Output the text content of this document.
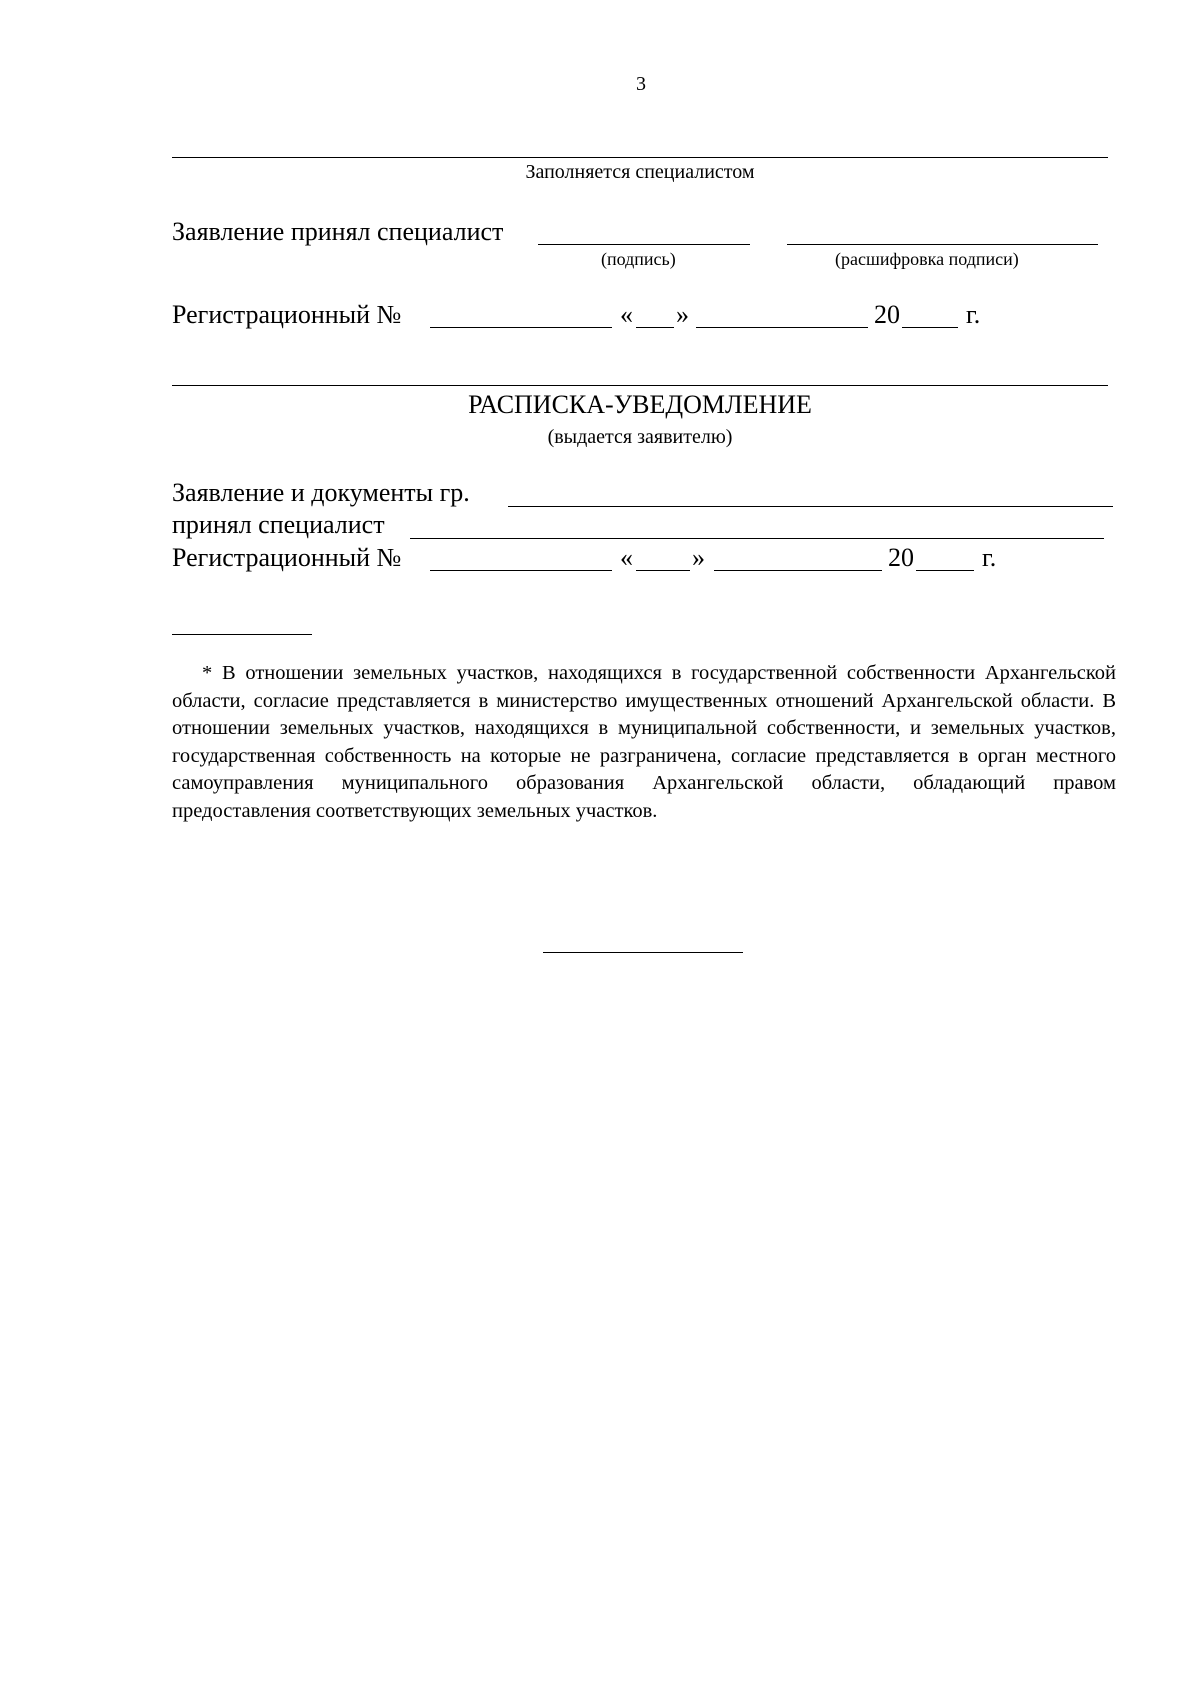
3
Заполняется специалистом
Заявление принял специалист
(подпись)	(расшифровка подписи)
Регистрационный №	« »	20	г.
РАСПИСКА-УВЕДОМЛЕНИЕ
(выдается заявителю)
Заявление и документы гр.
принял специалист
Регистрационный №	« »	20	г.
* В отношении земельных участков, находящихся в государственной собственности Архангельской области, согласие представляется в министерство имущественных отношений Архангельской области. В отношении земельных участков, находящихся в муниципальной собственности, и земельных участков, государственная собственность на которые не разграничена, согласие представляется в орган местного самоуправления муниципального образования Архангельской области, обладающий правом предоставления соответствующих земельных участков.
